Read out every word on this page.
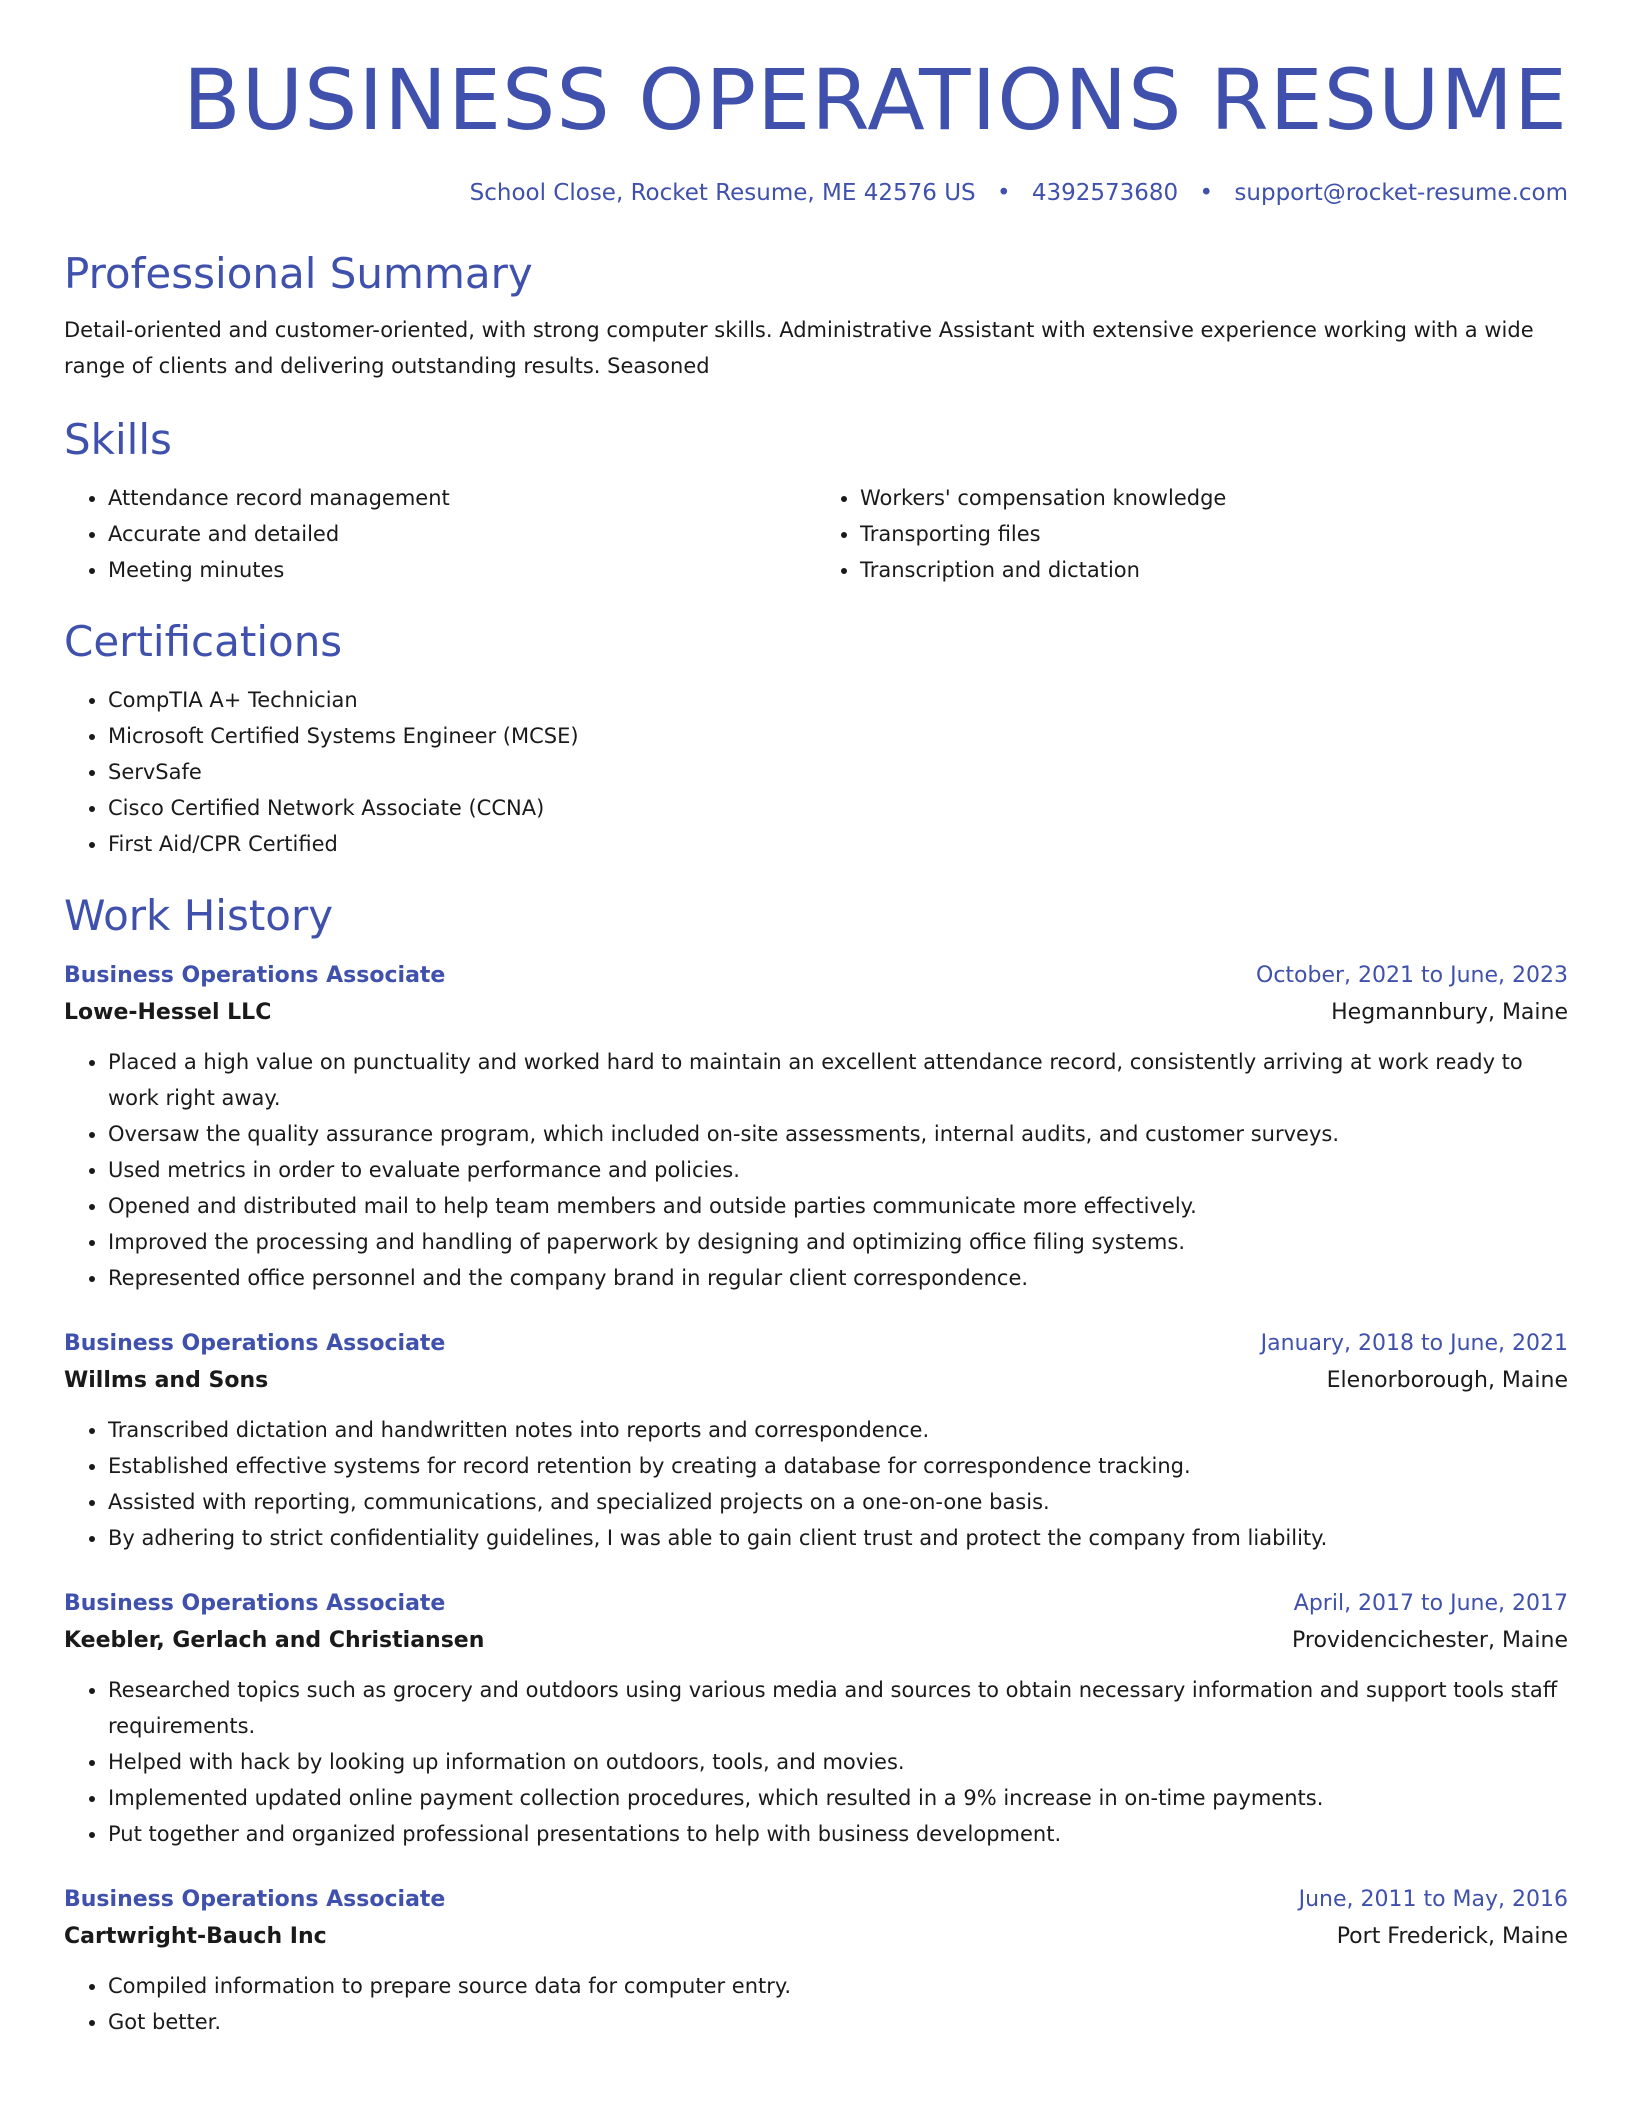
BUSINESS OPERATIONS RESUME
School Close, Rocket Resume, ME 42576 US • 4392573680 • support@rocket-resume.com
Professional Summary
Detail-oriented and customer-oriented, with strong computer skills. Administrative Assistant with extensive experience working with a wide range of clients and delivering outstanding results. Seasoned
Skills
• Attendance record management
• Accurate and detailed
• Meeting minutes
• Workers' compensation knowledge
• Transporting files
• Transcription and dictation
Certifications
• CompTIA A+ Technician
• Microsoft Certified Systems Engineer (MCSE)
• ServSafe
• Cisco Certified Network Associate (CCNA)
• First Aid/CPR Certified
Work History
Business Operations Associate	October, 2021 to June, 2023
Lowe-Hessel LLC	Hegmannbury, Maine
• Placed a high value on punctuality and worked hard to maintain an excellent attendance record, consistently arriving at work ready to work right away.
• Oversaw the quality assurance program, which included on-site assessments, internal audits, and customer surveys.
• Used metrics in order to evaluate performance and policies.
• Opened and distributed mail to help team members and outside parties communicate more effectively.
• Improved the processing and handling of paperwork by designing and optimizing office filing systems.
• Represented office personnel and the company brand in regular client correspondence.
Business Operations Associate	January, 2018 to June, 2021
Willms and Sons	Elenorborough, Maine
• Transcribed dictation and handwritten notes into reports and correspondence.
• Established effective systems for record retention by creating a database for correspondence tracking.
• Assisted with reporting, communications, and specialized projects on a one-on-one basis.
• By adhering to strict confidentiality guidelines, I was able to gain client trust and protect the company from liability.
Business Operations Associate	April, 2017 to June, 2017
Keebler, Gerlach and Christiansen	Providencichester, Maine
• Researched topics such as grocery and outdoors using various media and sources to obtain necessary information and support tools staff requirements.
• Helped with hack by looking up information on outdoors, tools, and movies.
• Implemented updated online payment collection procedures, which resulted in a 9% increase in on-time payments.
• Put together and organized professional presentations to help with business development.
Business Operations Associate	June, 2011 to May, 2016
Cartwright-Bauch Inc	Port Frederick, Maine
• Compiled information to prepare source data for computer entry.
• Got better.
